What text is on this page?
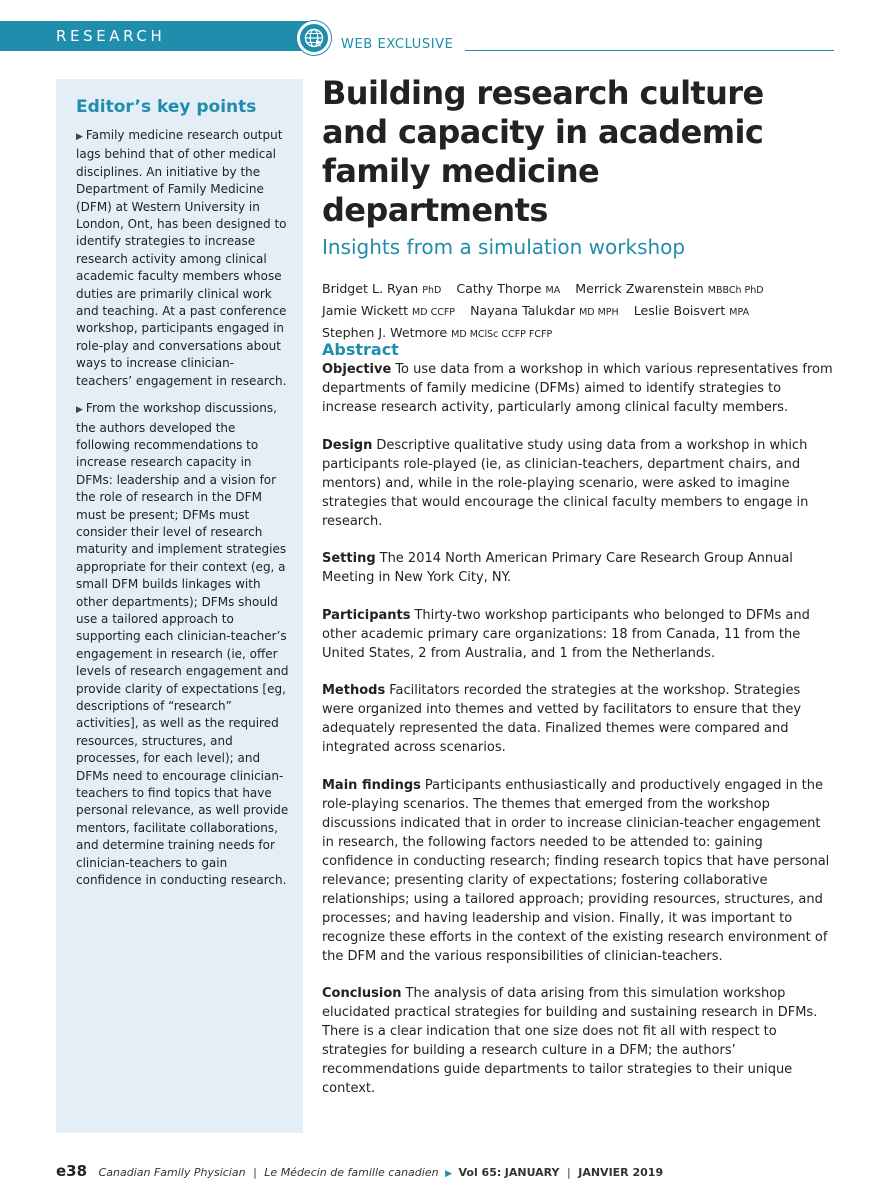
RESEARCH	WEB EXCLUSIVE
Editor’s key points

▶ Family medicine research output lags behind that of other medical disciplines. An initiative by the Department of Family Medicine (DFM) at Western University in London, Ont, has been designed to identify strategies to increase research activity among clinical academic faculty members whose duties are primarily clinical work and teaching. At a past conference workshop, participants engaged in role-play and conversations about ways to increase clinician-teachers’ engagement in research.

▶ From the workshop discussions, the authors developed the following recommendations to increase research capacity in DFMs: leadership and a vision for the role of research in the DFM must be present; DFMs must consider their level of research maturity and implement strategies appropriate for their context (eg, a small DFM builds linkages with other departments); DFMs should use a tailored approach to supporting each clinician-teacher’s engagement in research (ie, offer levels of research engagement and provide clarity of expectations [eg, descriptions of “research” activities], as well as the required resources, structures, and processes, for each level); and DFMs need to encourage clinician-teachers to find topics that have personal relevance, as well provide mentors, facilitate collaborations, and determine training needs for clinician-teachers to gain confidence in conducting research.

Building research culture and capacity in academic family medicine departments
Insights from a simulation workshop
Bridget L. Ryan PhD Cathy Thorpe MA Merrick Zwarenstein MBBCh PhD
Jamie Wickett MD CCFP Nayana Talukdar MD MPH Leslie Boisvert MPA
Stephen J. Wetmore MD MClSc CCFP FCFP
Abstract

Objective To use data from a workshop in which various representatives from departments of family medicine (DFMs) aimed to identify strategies to increase research activity, particularly among clinical faculty members.

Design Descriptive qualitative study using data from a workshop in which participants role-played (ie, as clinician-teachers, department chairs, and mentors) and, while in the role-playing scenario, were asked to imagine strategies that would encourage the clinical faculty members to engage in research.

Setting The 2014 North American Primary Care Research Group Annual Meeting in New York City, NY.

Participants Thirty-two workshop participants who belonged to DFMs and other academic primary care organizations: 18 from Canada, 11 from the United States, 2 from Australia, and 1 from the Netherlands.

Methods Facilitators recorded the strategies at the workshop. Strategies were organized into themes and vetted by facilitators to ensure that they adequately represented the data. Finalized themes were compared and integrated across scenarios.

Main findings Participants enthusiastically and productively engaged in the role-playing scenarios. The themes that emerged from the workshop discussions indicated that in order to increase clinician-teacher engagement in research, the following factors needed to be attended to: gaining confidence in conducting research; finding research topics that have personal relevance; presenting clarity of expectations; fostering collaborative relationships; using a tailored approach; providing resources, structures, and processes; and having leadership and vision. Finally, it was important to recognize these efforts in the context of the existing research environment of the DFM and the various responsibilities of clinician-teachers.

Conclusion The analysis of data arising from this simulation workshop elucidated practical strategies for building and sustaining research in DFMs. There is a clear indication that one size does not fit all with respect to strategies for building a research culture in a DFM; the authors’ recommendations guide departments to tailor strategies to their unique context.

e38 Canadian Family Physician | Le Médecin de famille canadien ▶ Vol 65: JANUARY | JANVIER 2019
